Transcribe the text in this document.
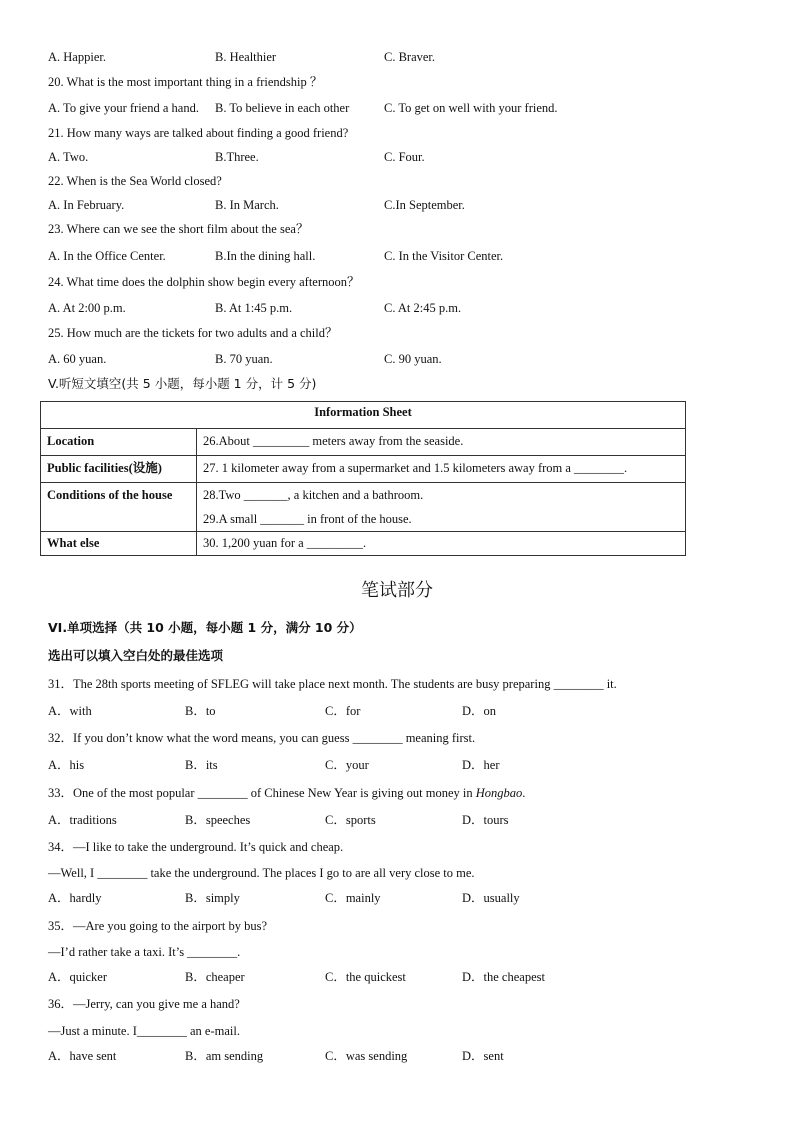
A. Happier.	B. Healthier	C. Braver.
20. What is the most important thing in a friendship ？
A. To give your friend a hand. B. To believe in each other	C. To get on well with your friend.
21. How many ways are talked about finding a good friend?
A. Two.	B.Three.	C. Four.
22. When is the Sea World closed?
A. In February.	B. In March.	C.In September.
23. Where can we see the short film about the sea？
A. In the Office Center.	B.In the dining hall.	C. In the Visitor Center.
24. What time does the dolphin show begin every afternoon？
A. At 2:00 p.m.	B. At 1:45 p.m.	C. At 2:45 p.m.
25. How much are the tickets for two adults and a child？
A. 60 yuan.	B. 70 yuan.	C. 90 yuan.
V.听短文填空(共 5 小题，每小题 1 分，计 5 分)
Information Sheet	
Location	26.About _________ meters away from the seaside.
Public facilities(设施)	27. 1 kilometer away from a supermarket and 1.5 kilometers away from a ________.
Conditions of the house	28.Two _______, a kitchen and a bathroom.
29.A small _______ in front of the house.

What else	30. 1,200 yuan for a _________.
笔试部分
VI.单项选择（共 10 小题，每小题 1 分，满分 10 分）
选出可以填入空白处的最佳选项
31．The 28th sports meeting of SFLEG will take place next month. The students are busy preparing ________ it.
A．with	B．to	C．for	D．on
32．If you don’t know what the word means, you can guess ________ meaning first.
A．his	B．its	C．your	D．her
33．One of the most popular ________ of Chinese New Year is giving out money in Hongbao.
A．traditions	B．speeches	C．sports	D．tours
34．—I like to take the underground. It’s quick and cheap.
—Well, I ________ take the underground. The places I go to are all very close to me.
A．hardly	B．simply	C．mainly	D．usually
35．—Are you going to the airport by bus?
—I’d rather take a taxi. It’s ________.
A．quicker	B．cheaper	C．the quickest	D．the cheapest
36．—Jerry, can you give me a hand?
—Just a minute. I________ an e-mail.
A．have sent	B．am sending	C．was sending	D．sent
